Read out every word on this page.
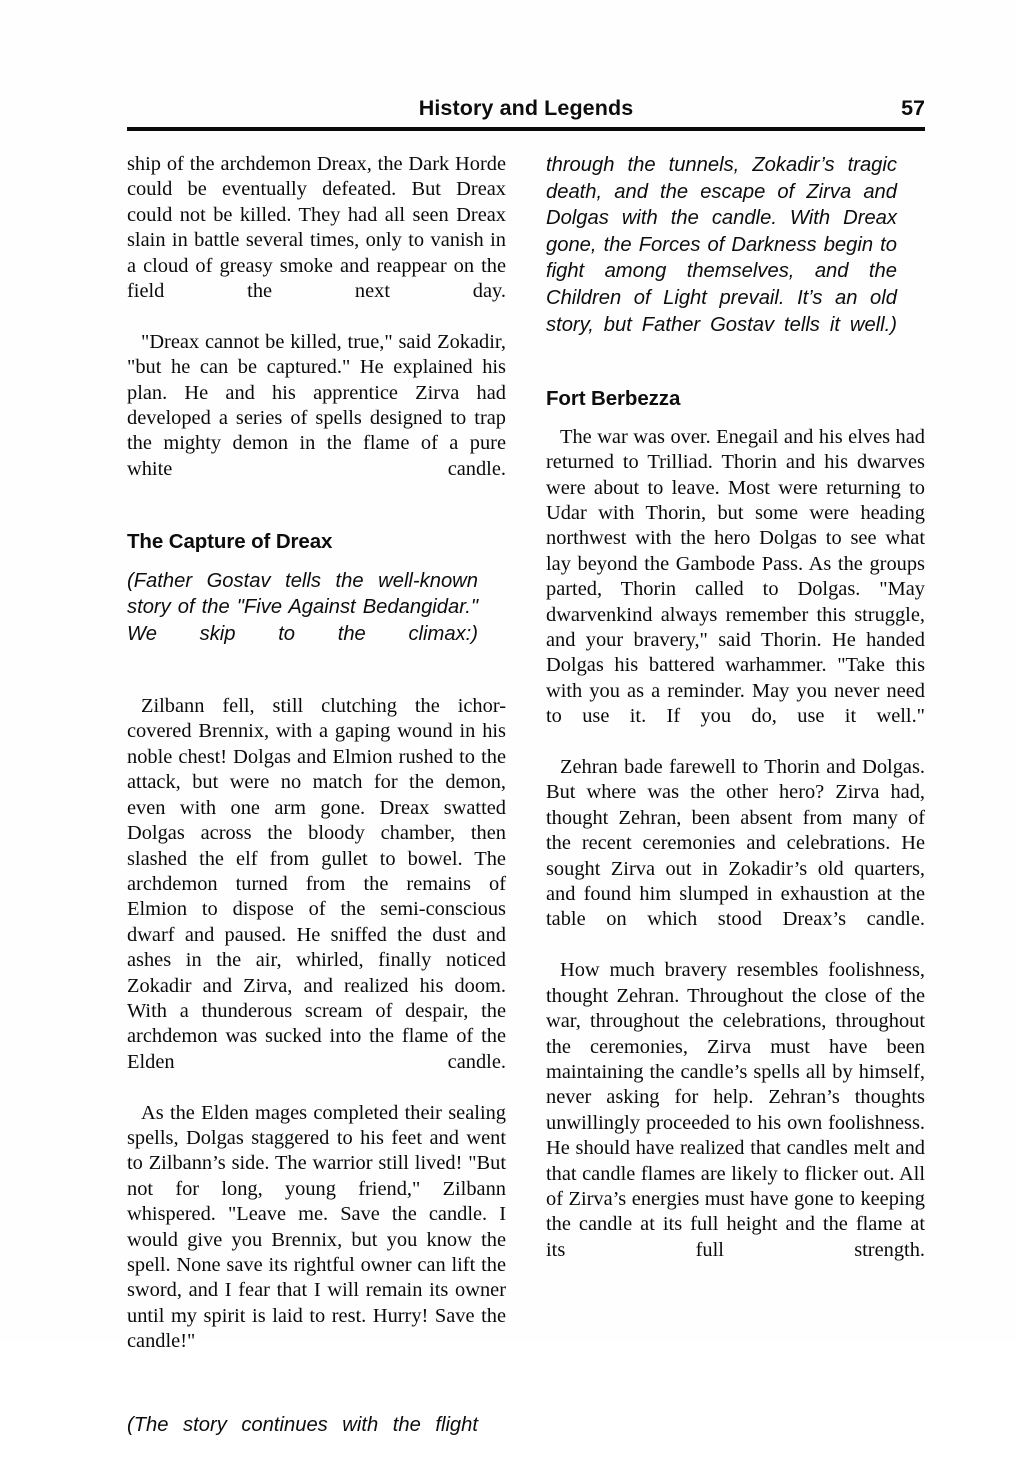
History and Legends	57

ship of the archdemon Dreax, the Dark Horde could be eventually defeated. But Dreax could not be killed. They had all seen Dreax slain in battle several times, only to vanish in a cloud of greasy smoke and reappear on the field the next day.

"Dreax cannot be killed, true," said Zokadir, "but he can be captured." He explained his plan. He and his apprentice Zirva had developed a series of spells designed to trap the mighty demon in the flame of a pure white candle.

The Capture of Dreax

(Father Gostav tells the well-known story of the "Five Against Bedangidar." We skip to the climax:)

Zilbann fell, still clutching the ichor-covered Brennix, with a gaping wound in his noble chest! Dolgas and Elmion rushed to the attack, but were no match for the demon, even with one arm gone. Dreax swatted Dolgas across the bloody chamber, then slashed the elf from gullet to bowel. The archdemon turned from the remains of Elmion to dispose of the semi-conscious dwarf and paused. He sniffed the dust and ashes in the air, whirled, finally noticed Zokadir and Zirva, and realized his doom. With a thunderous scream of despair, the archdemon was sucked into the flame of the Elden candle.

As the Elden mages completed their sealing spells, Dolgas staggered to his feet and went to Zilbann’s side. The warrior still lived! "But not for long, young friend," Zilbann whispered. "Leave me. Save the candle. I would give you Brennix, but you know the spell. None save its rightful owner can lift the sword, and I fear that I will remain its owner until my spirit is laid to rest. Hurry! Save the candle!"

(The story continues with the flight

through the tunnels, Zokadir’s tragic death, and the escape of Zirva and Dolgas with the candle. With Dreax gone, the Forces of Darkness begin to fight among themselves, and the Children of Light prevail. It’s an old story, but Father Gostav tells it well.)

Fort Berbezza

The war was over. Enegail and his elves had returned to Trilliad. Thorin and his dwarves were about to leave. Most were returning to Udar with Thorin, but some were heading northwest with the hero Dolgas to see what lay beyond the Gambode Pass. As the groups parted, Thorin called to Dolgas. "May dwarvenkind always remember this struggle, and your bravery," said Thorin. He handed Dolgas his battered warhammer. "Take this with you as a reminder. May you never need to use it. If you do, use it well."

Zehran bade farewell to Thorin and Dolgas. But where was the other hero? Zirva had, thought Zehran, been absent from many of the recent ceremonies and celebrations. He sought Zirva out in Zokadir’s old quarters, and found him slumped in exhaustion at the table on which stood Dreax’s candle.

How much bravery resembles foolishness, thought Zehran. Throughout the close of the war, throughout the celebrations, throughout the ceremonies, Zirva must have been maintaining the candle’s spells all by himself, never asking for help. Zehran’s thoughts unwillingly proceeded to his own foolishness. He should have realized that candles melt and that candle flames are likely to flicker out. All of Zirva’s energies must have gone to keeping the candle at its full height and the flame at its full strength.
